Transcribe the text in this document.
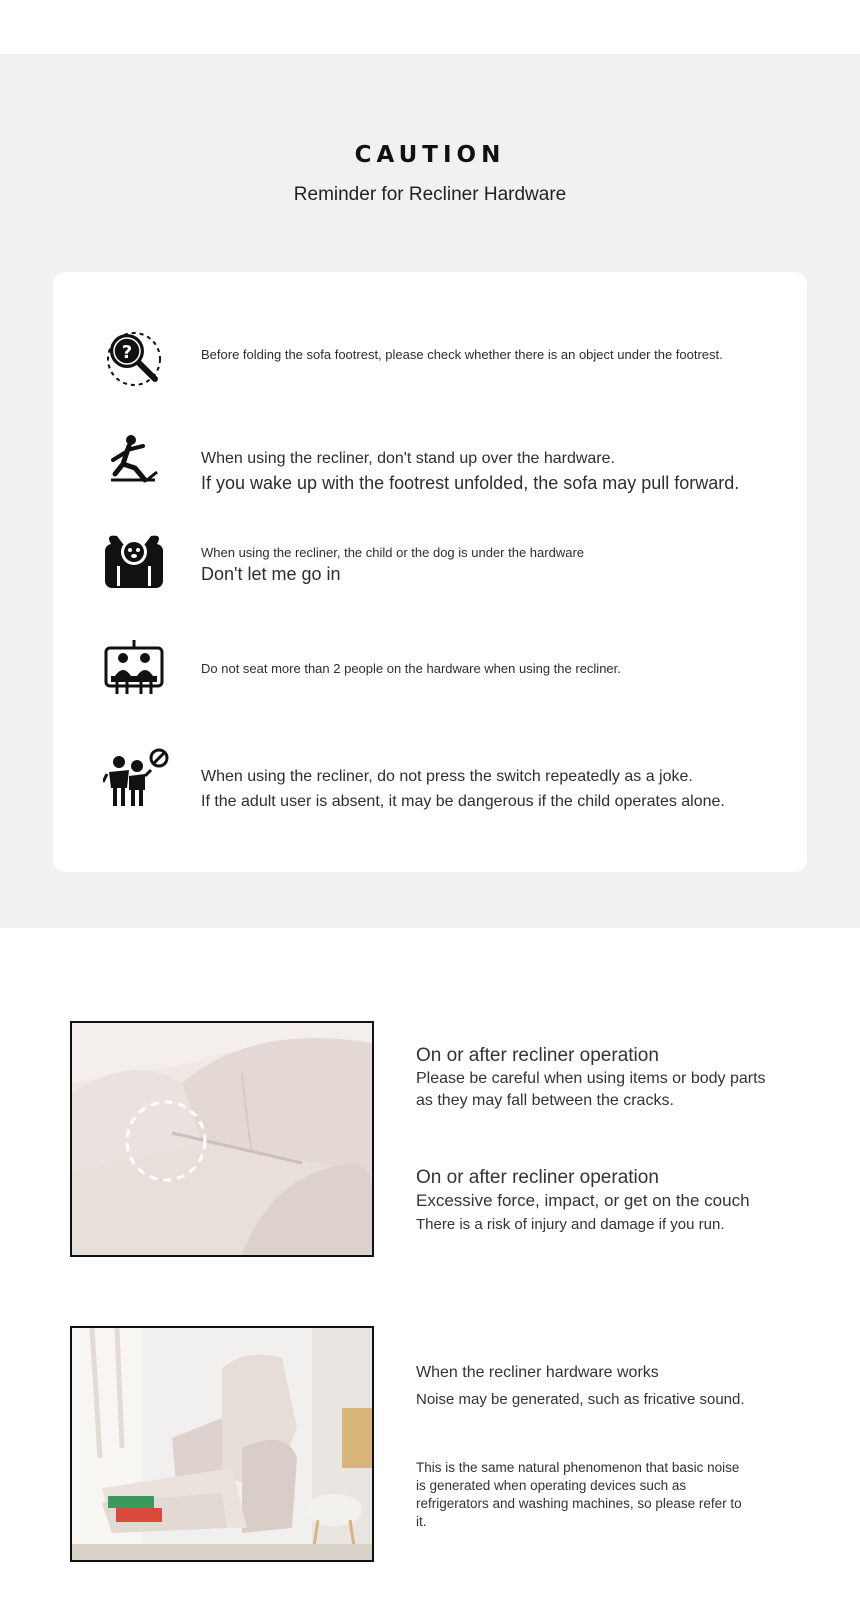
CAUTION
Reminder for Recliner Hardware
?	Before folding the sofa footrest, please check whether there is an object under the footrest.
When using the recliner, don't stand up over the hardware.
If you wake up with the footrest unfolded, the sofa may pull forward.
When using the recliner, the child or the dog is under the hardware
Don't let me go in
Do not seat more than 2 people on the hardware when using the recliner.
When using the recliner, do not press the switch repeatedly as a joke.
If the adult user is absent, it may be dangerous if the child operates alone.
On or after recliner operation
Please be careful when using items or body parts as they may fall between the cracks.
On or after recliner operation
Excessive force, impact, or get on the couch
There is a risk of injury and damage if you run.
When the recliner hardware works
Noise may be generated, such as fricative sound.
This is the same natural phenomenon that basic noise is generated when operating devices such as refrigerators and washing machines, so please refer to it.
